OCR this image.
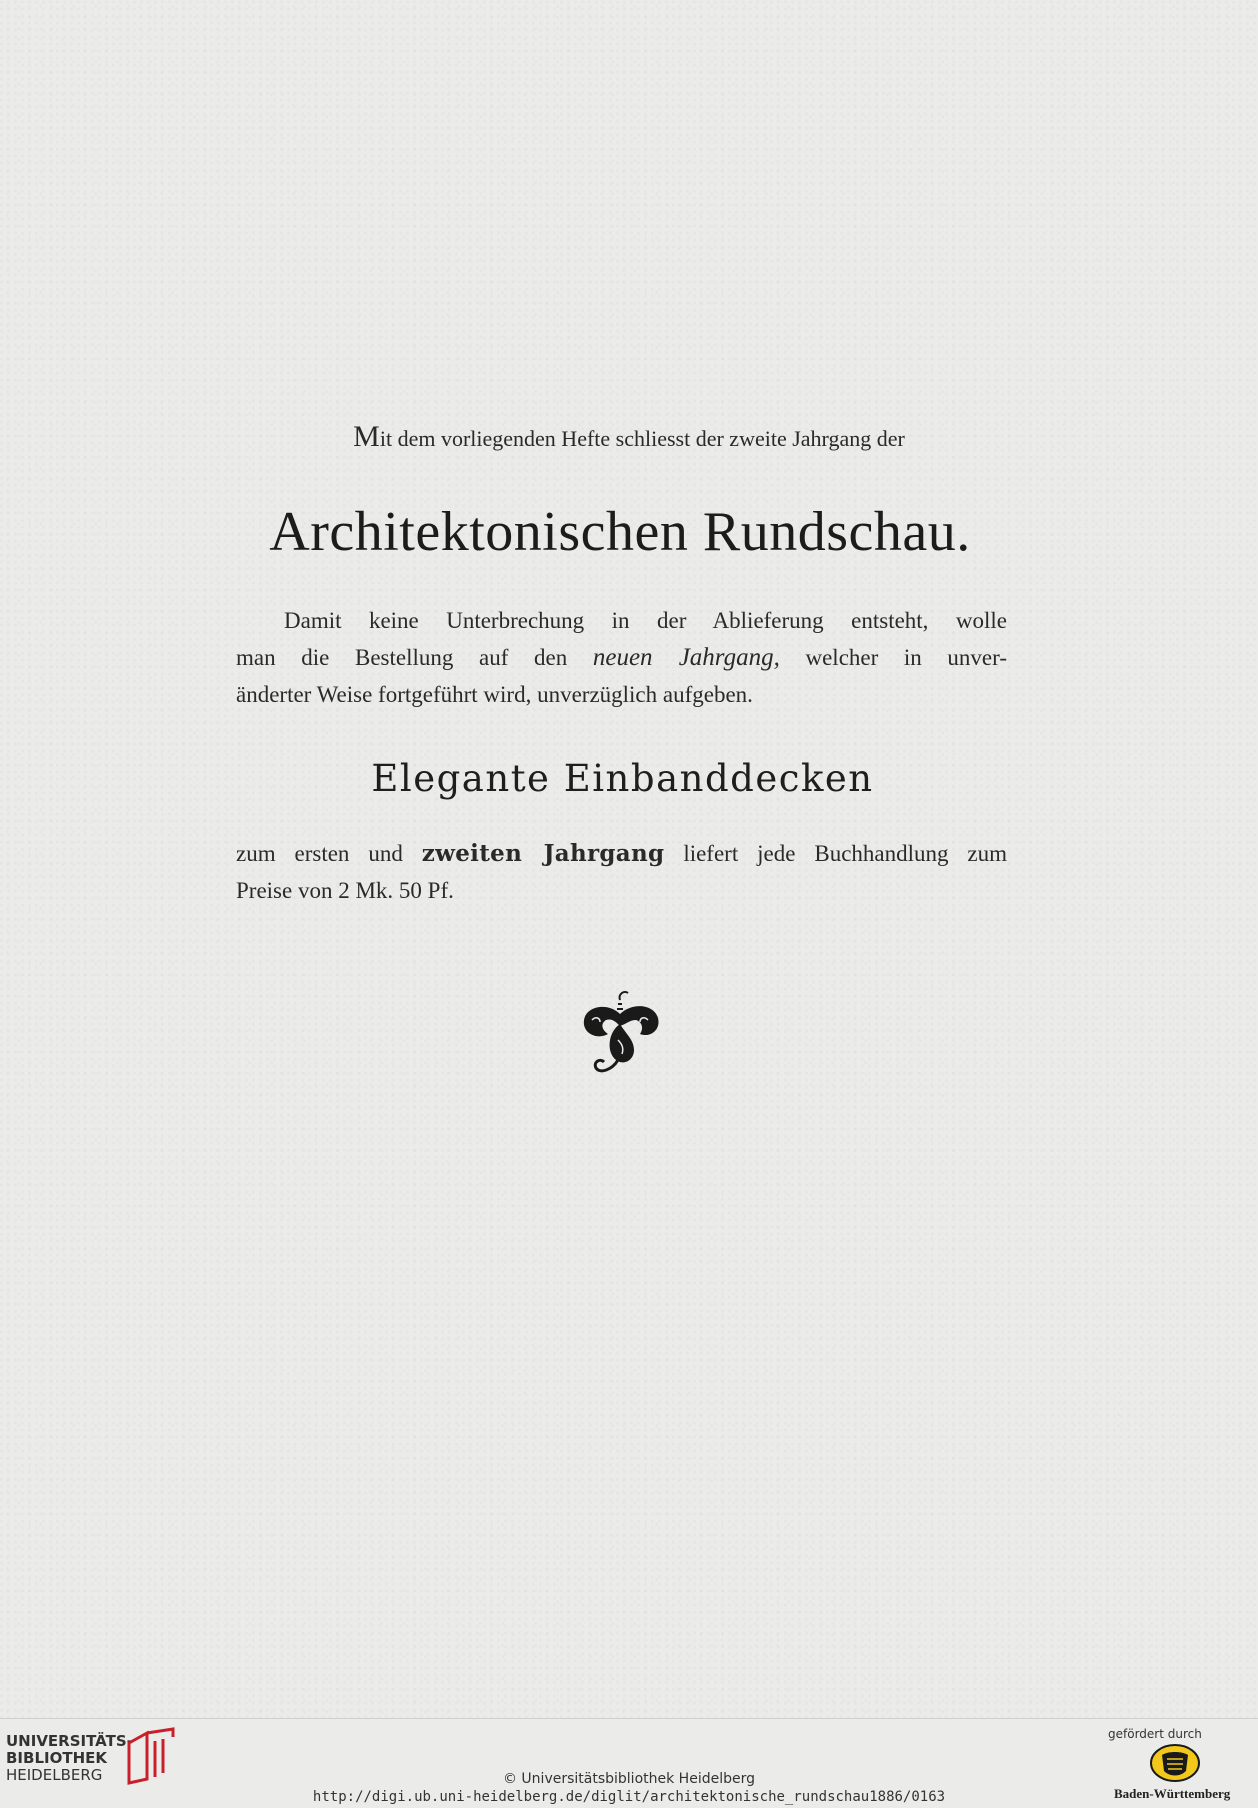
Mit dem vorliegenden Hefte schliesst der zweite Jahrgang der
Architektonischen Rundschau.
Damit keine Unterbrechung in der Ablieferung entsteht, wolle
man die Bestellung auf den neuen Jahrgang, welcher in unver-
änderter Weise fortgeführt wird, unverzüglich aufgeben.
Elegante Einbanddecken
zum ersten und zweiten Jahrgang liefert jede Buchhandlung zum
Preise von 2 Mk. 50 Pf.
UNIVERSITÄTS-
BIBLIOTHEK
HEIDELBERG	© Universitätsbibliothek Heidelberg
http://digi.ub.uni-heidelberg.de/diglit/architektonische_rundschau1886/0163
gefördert durch
Baden-Württemberg
